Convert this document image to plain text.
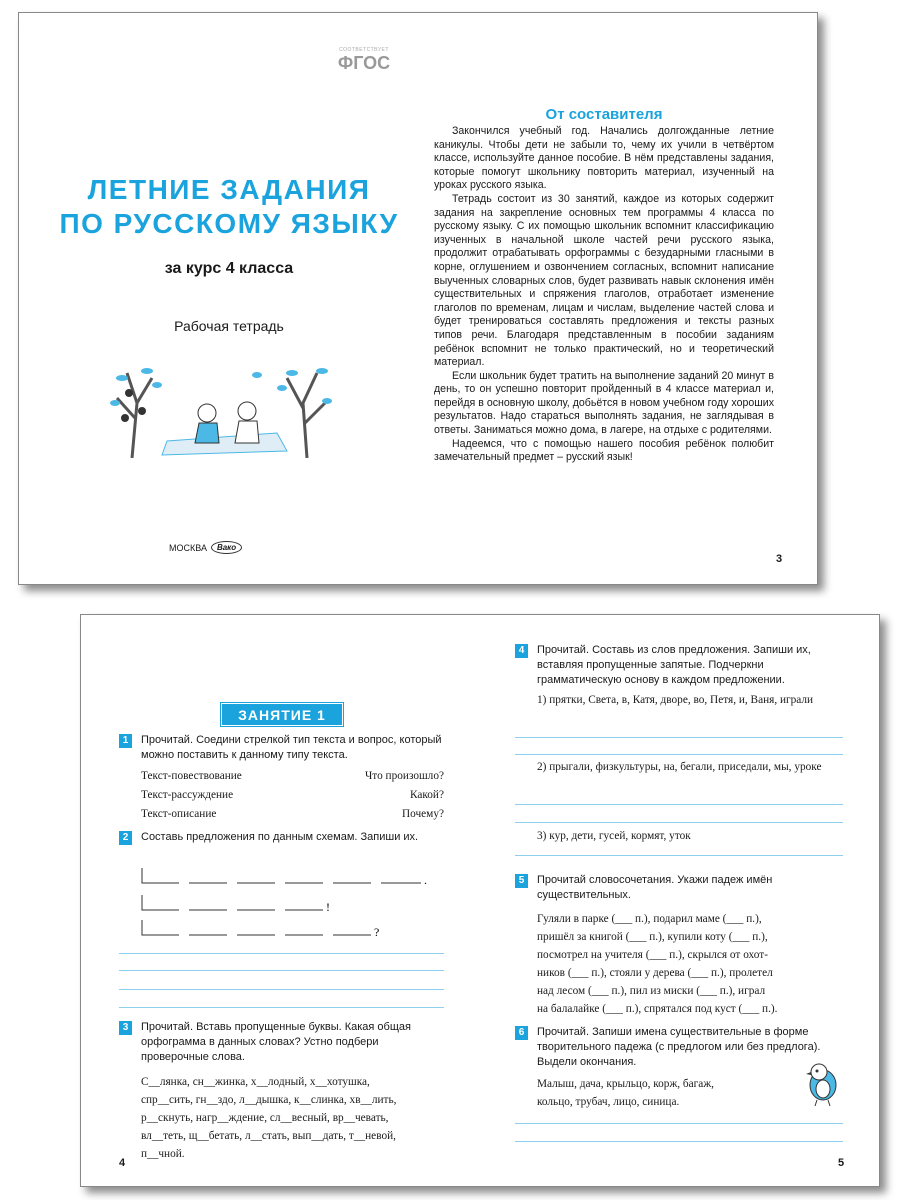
СООТВЕТСТВУЕТ
ФГОС
ЛЕТНИЕ ЗАДАНИЯ
ПО РУССКОМУ ЯЗЫКУ
за курс 4 класса
Рабочая тетрадь
МОСКВА	Вако
От составителя

Закончился учебный год. Начались долгожданные летние каникулы. Чтобы дети не забыли то, чему их учили в четвёртом классе, используйте данное пособие. В нём представлены задания, которые помогут школьнику повторить материал, изученный на уроках русского языка.

Тетрадь состоит из 30 занятий, каждое из которых содержит задания на закрепление основных тем программы 4 класса по русскому языку. С их помощью школьник вспомнит классификацию изученных в начальной школе частей речи русского языка, продолжит отрабатывать орфограммы с безударными гласными в корне, оглушением и озвончением согласных, вспомнит написание выученных словарных слов, будет развивать навык склонения имён существительных и спряжения глаголов, отработает изменение глаголов по временам, лицам и числам, выделение частей слова и будет тренироваться составлять предложения и тексты разных типов речи. Благодаря представленным в пособии заданиям ребёнок вспомнит не только практический, но и теоретический материал.

Если школьник будет тратить на выполнение заданий 20 минут в день, то он успешно повторит пройденный в 4 классе материал и, перейдя в основную школу, добьётся в новом учебном году хороших результатов. Надо стараться выполнять задания, не заглядывая в ответы. Заниматься можно дома, в лагере, на отдыхе с родителями.

Надеемся, что с помощью нашего пособия ребёнок полюбит замечательный предмет – русский язык!

3
ЗАНЯТИЕ 1
1	Прочитай. Соедини стрелкой тип текста и вопрос, который можно поставить к данному типу текста.
Текст-повествование	Что произошло?
Текст-рассуждение	Какой?
Текст-описание	Почему?
2	Составь предложения по данным схемам. Запиши их.
.
!
?
3	Прочитай. Вставь пропущенные буквы. Какая общая орфограмма в данных словах? Устно подбери проверочные слова.
С__лянка, сн__жинка, х__лодный, х__хотушка,
спр__сить, гн__здо, л__дышка, к__слинка, хв__лить,
р__скнуть, нагр__ждение, сл__весный, вр__чевать,
вл__теть, щ__бетать, л__стать, вып__дать, т__невой,
п__чной.
4
4	Прочитай. Составь из слов предложения. Запиши их, вставляя пропущенные запятые. Подчеркни грамматическую основу в каждом предложении.
1) прятки, Света, в, Катя, дворе, во, Петя, и, Ваня, играли
2) прыгали, физкультуры, на, бегали, приседали, мы, уроке
3) кур, дети, гусей, кормят, уток
5	Прочитай словосочетания. Укажи падеж имён существительных.
Гуляли в парке (___ п.), подарил маме (___ п.),
пришёл за книгой (___ п.), купили коту (___ п.),
посмотрел на учителя (___ п.), скрылся от охот-
ников (___ п.), стояли у дерева (___ п.), пролетел
над лесом (___ п.), пил из миски (___ п.), играл
на балалайке (___ п.), спрятался под куст (___ п.).
6	Прочитай. Запиши имена существительные в форме творительного падежа (с предлогом или без предлога). Выдели окончания.
Малыш, дача, крыльцо, корж, багаж,
кольцо, трубач, лицо, синица.
5
